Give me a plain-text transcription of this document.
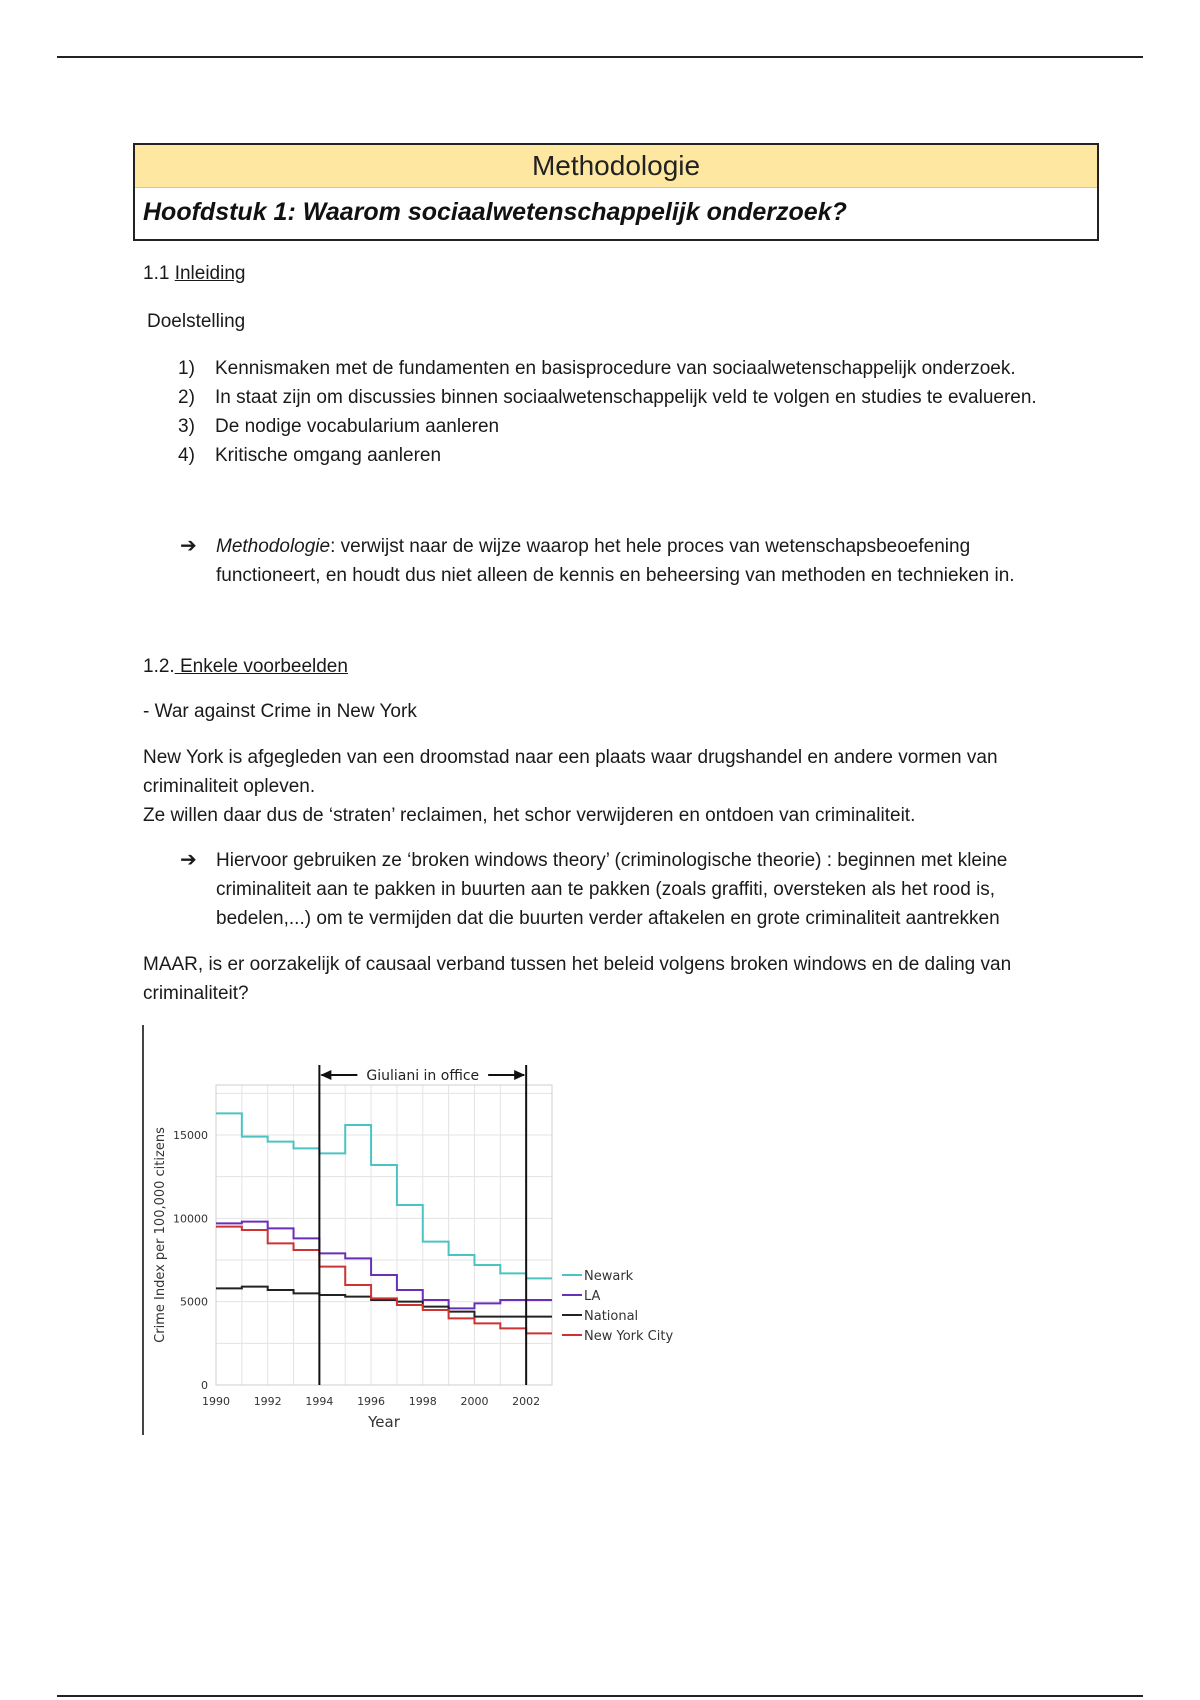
Methodologie
Hoofdstuk 1: Waarom sociaalwetenschappelijk onderzoek?
1.1 Inleiding
Doelstelling
1) Kennismaken met de fundamenten en basisprocedure van sociaalwetenschappelijk onderzoek.
2) In staat zijn om discussies binnen sociaalwetenschappelijk veld te volgen en studies te evalueren.
3) De nodige vocabularium aanleren
4) Kritische omgang aanleren
➔ Methodologie: verwijst naar de wijze waarop het hele proces van wetenschapsbeoefening
functioneert, en houdt dus niet alleen de kennis en beheersing van methoden en technieken in.
1.2. Enkele voorbeelden
- War against Crime in New York
New York is afgegleden van een droomstad naar een plaats waar drugshandel en andere vormen van
criminaliteit opleven.
Ze willen daar dus de ‘straten’ reclaimen, het schor verwijderen en ontdoen van criminaliteit.
➔ Hiervoor gebruiken ze ‘broken windows theory’ (criminologische theorie) : beginnen met kleine
criminaliteit aan te pakken in buurten aan te pakken (zoals graffiti, oversteken als het rood is,
bedelen,...) om te vermijden dat die buurten verder aftakelen en grote criminaliteit aantrekken
MAAR, is er oorzakelijk of causaal verband tussen het beleid volgens broken windows en de daling van
criminaliteit?
Giuliani in office
0
5000
10000
15000
1990 1992 1994 1996 1998 2000 2002
Year
Crime Index per 100,000 citizens	Newark
LA
National
New York City
